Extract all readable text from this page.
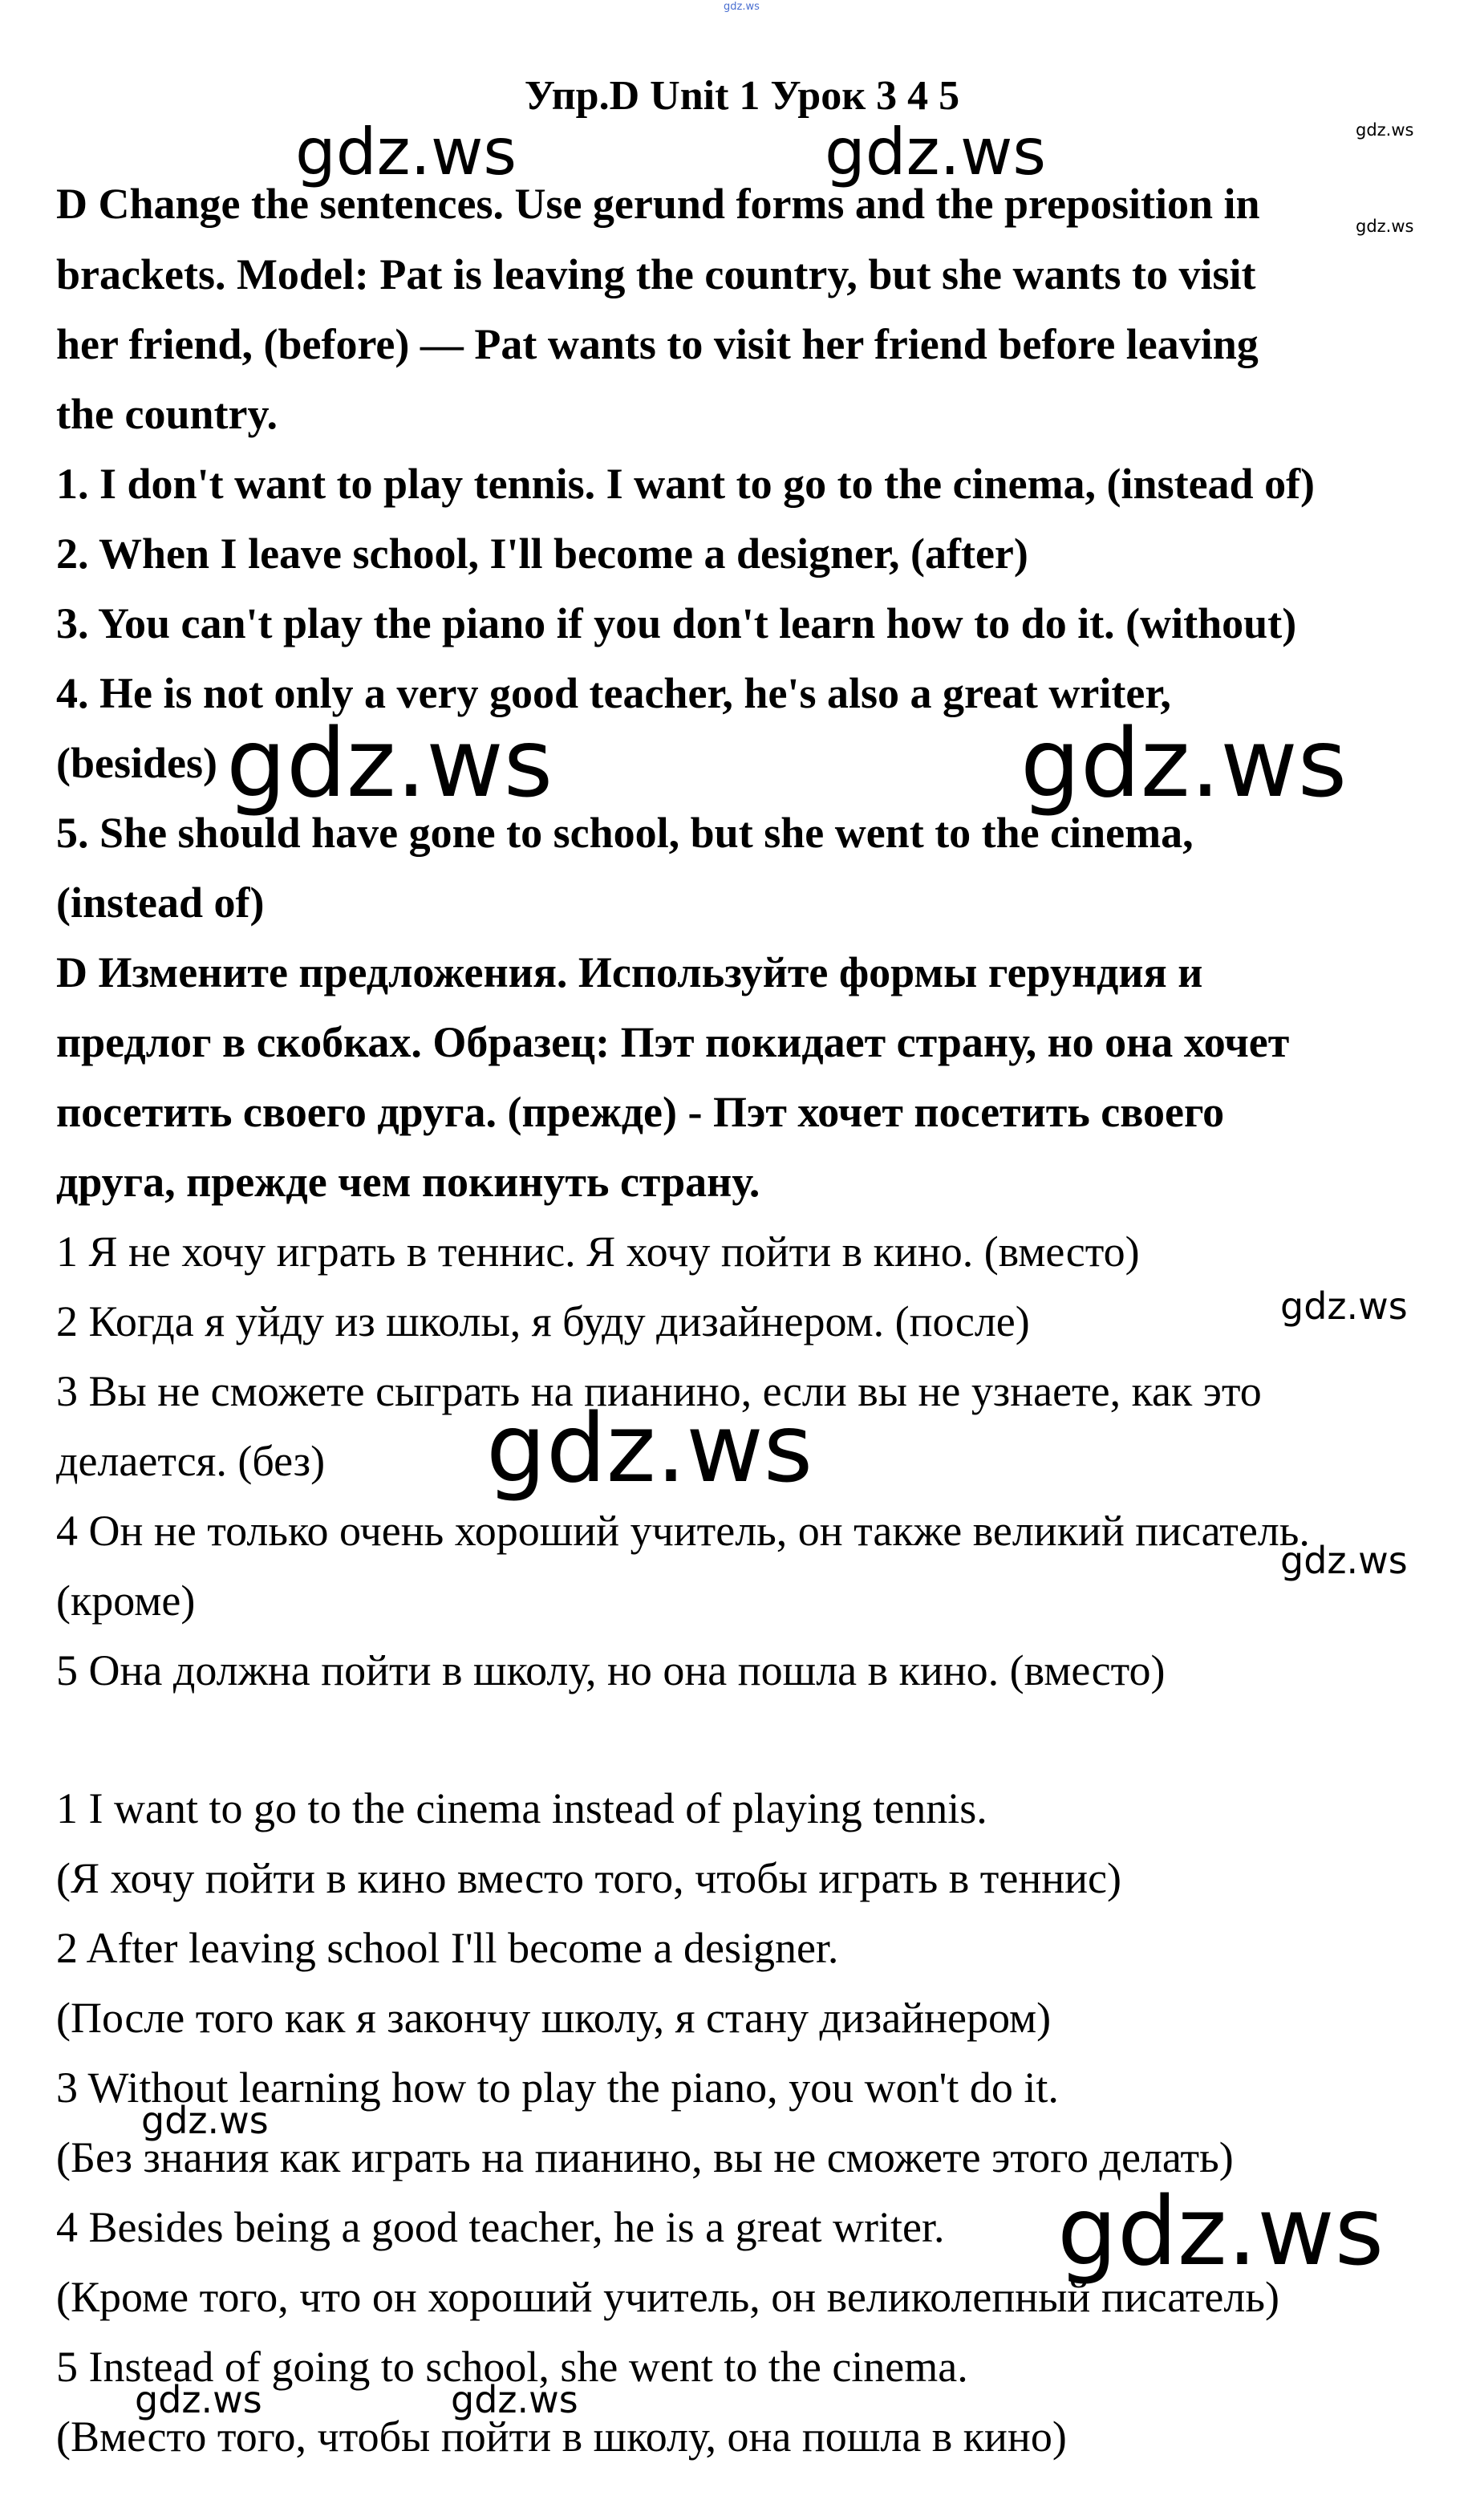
gdz.ws
Упр.D Unit 1 Урок 3 4 5
gdz.ws	gdz.ws	gdz.ws
gdz.ws
D Change the sentences. Use gerund forms and the preposition in
brackets. Model: Pat is leaving the country, but she wants to visit
her friend, (before) — Pat wants to visit her friend before leaving
the country.
1. I don't want to play tennis. I want to go to the cinema, (instead of)
2. When I leave school, I'll become a designer, (after)
3. You can't play the piano if you don't learn how to do it. (without)
4. He is not only a very good teacher, he's also a great writer,
(besides)
5. She should have gone to school, but she went to the cinema,
(instead of)
gdz.ws	gdz.ws
D Измените предложения. Используйте формы герундия и
предлог в скобках. Образец: Пэт покидает страну, но она хочет
посетить своего друга. (прежде) - Пэт хочет посетить своего
друга, прежде чем покинуть страну.
1 Я не хочу играть в теннис. Я хочу пойти в кино. (вместо)
2 Когда я уйду из школы, я буду дизайнером. (после)
3 Вы не сможете сыграть на пианино, если вы не узнаете, как это
делается. (без)
4 Он не только очень хороший учитель, он также великий писатель.
(кроме)
5 Она должна пойти в школу, но она пошла в кино. (вместо)
gdz.ws
gdz.ws
gdz.ws
1 I want to go to the cinema instead of playing tennis.
(Я хочу пойти в кино вместо того, чтобы играть в теннис)
2 After leaving school I'll become a designer.
(После того как я закончу школу, я стану дизайнером)
3 Without learning how to play the piano, you won't do it.
(Без знания как играть на пианино, вы не сможете этого делать)
4 Besides being a good teacher, he is a great writer.
(Кроме того, что он хороший учитель, он великолепный писатель)
5 Instead of going to school, she went to the cinema.
(Вместо того, чтобы пойти в школу, она пошла в кино)
gdz.ws
gdz.ws
gdz.ws	gdz.ws
